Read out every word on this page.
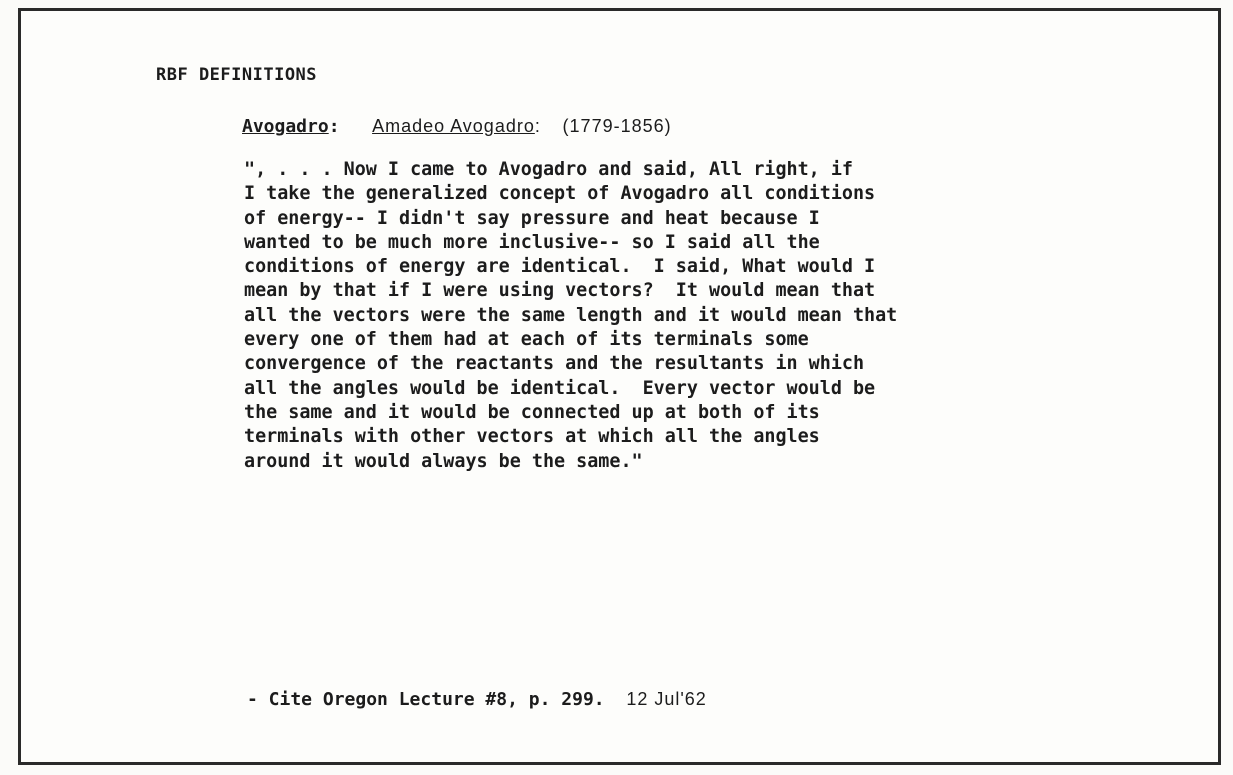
RBF DEFINITIONS
Avogadro: Amadeo Avogadro: (1779-1856)
", . . . Now I came to Avogadro and said, All right, if
I take the generalized concept of Avogadro all conditions
of energy-- I didn't say pressure and heat because I
wanted to be much more inclusive-- so I said all the
conditions of energy are identical.  I said, What would I
mean by that if I were using vectors?  It would mean that
all the vectors were the same length and it would mean that
every one of them had at each of its terminals some
convergence of the reactants and the resultants in which
all the angles would be identical.  Every vector would be
the same and it would be connected up at both of its
terminals with other vectors at which all the angles
around it would always be the same."
- Cite Oregon Lecture #8, p. 299. 12 Jul'62
